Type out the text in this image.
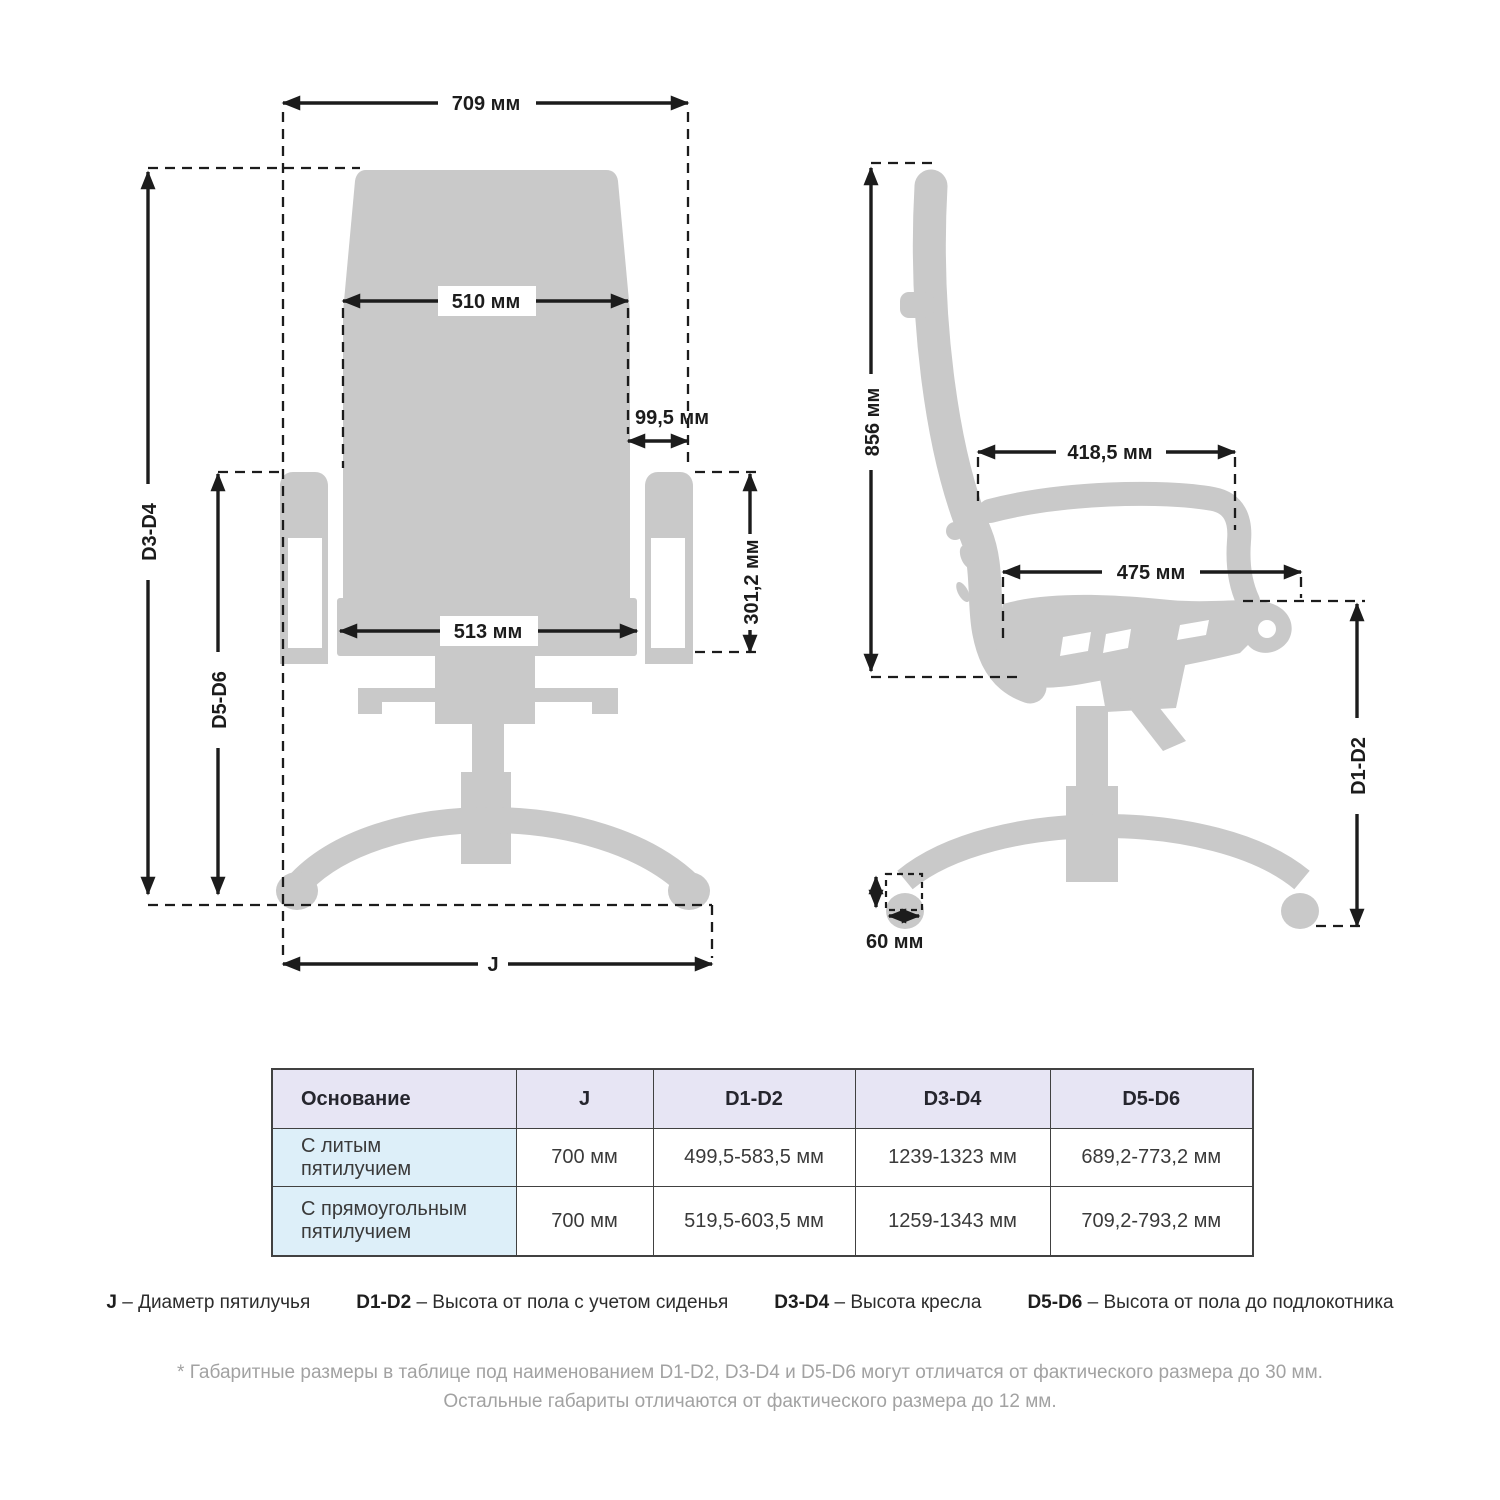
709 мм
D3-D4
D5-D6
510 мм
99,5 мм
301,2 мм
513 мм
J
856 мм	418,5 мм
475 мм
D1-D2
60 мм
Основание	J	D1-D2	D3-D4	D5-D6
С литым пятилучием	700 мм	499,5-583,5 мм	1239-1323 мм	689,2-773,2 мм
С прямоугольным пятилучием	700 мм	519,5-603,5 мм	1259-1343 мм	709,2-793,2 мм
J – Диаметр пятилучья D1-D2 – Высота от пола с учетом сиденья D3-D4 – Высота кресла D5-D6 – Высота от пола до подлокотника
* Габаритные размеры в таблице под наименованием D1-D2, D3-D4 и D5-D6 могут отличатся от фактического размера до 30 мм.
Остальные габариты отличаются от фактического размера до 12 мм.
